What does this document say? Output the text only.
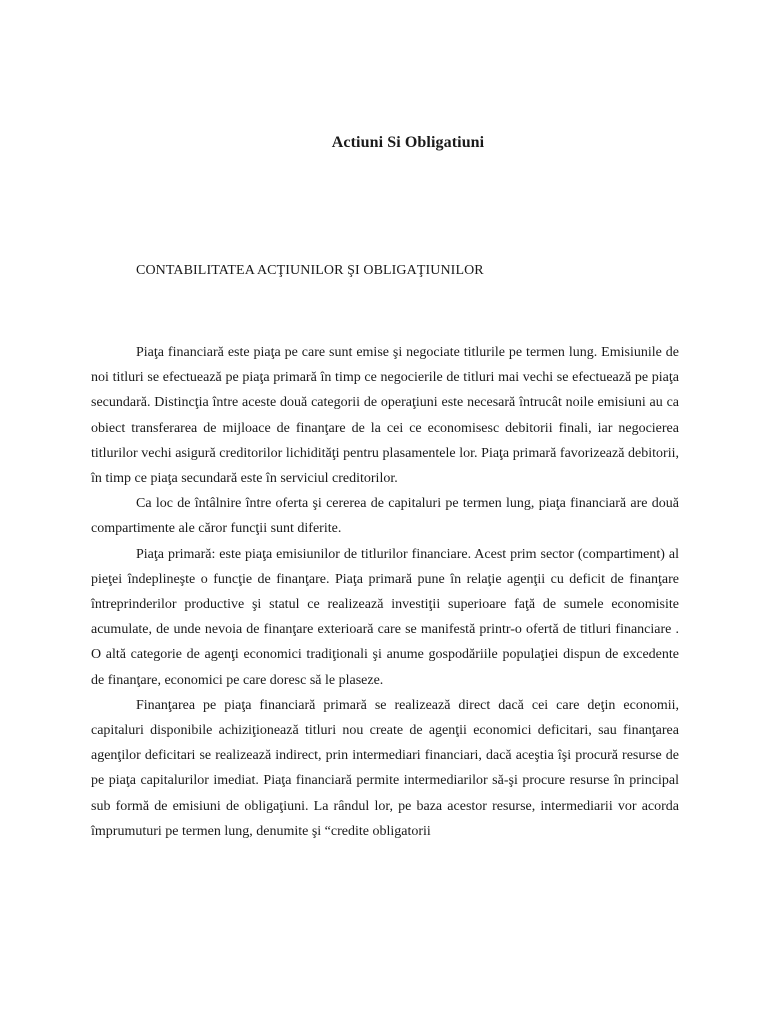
Actiuni Si Obligatiuni
CONTABILITATEA ACŢIUNILOR ŞI OBLIGAŢIUNILOR

Piaţa financiară este piaţa pe care sunt emise şi negociate titlurile pe termen lung. Emisiunile de noi titluri se efectuează pe piaţa primară în timp ce negocierile de titluri mai vechi se efectuează pe piaţa secundară. Distincţia între aceste două categorii de operaţiuni este necesară întrucât noile emisiuni au ca obiect transferarea de mijloace de finanţare de la cei ce economisesc debitorii finali, iar negocierea titlurilor vechi asigură creditorilor lichidităţi pentru plasamentele lor. Piaţa primară favorizează debitorii, în timp ce piaţa secundară este în serviciul creditorilor.

Ca loc de întâlnire între oferta şi cererea de capitaluri pe termen lung, piaţa financiară are două compartimente ale căror funcţii sunt diferite.

Piaţa primară: este piaţa emisiunilor de titlurilor financiare. Acest prim sector (compartiment) al pieţei îndeplineşte o funcţie de finanţare. Piaţa primară pune în relaţie agenţii cu deficit de finanţare întreprinderilor productive şi statul ce realizează investiţii superioare faţă de sumele economisite acumulate, de unde nevoia de finanţare exterioară care se manifestă printr-o ofertă de titluri financiare . O altă categorie de agenţi economici tradiţionali şi anume gospodăriile populaţiei dispun de excedente de finanţare, economici pe care doresc să le plaseze.

Finanţarea pe piaţa financiară primară se realizează direct dacă cei care deţin economii, capitaluri disponibile achiziţionează titluri nou create de agenţii economici deficitari, sau finanţarea agenţilor deficitari se realizează indirect, prin intermediari financiari, dacă aceştia îşi procură resurse de pe piaţa capitalurilor imediat. Piaţa financiară permite intermediarilor să-şi procure resurse în principal sub formă de emisiuni de obligaţiuni. La rândul lor, pe baza acestor resurse, intermediarii vor acorda împrumuturi pe termen lung, denumite şi “credite obligatorii
